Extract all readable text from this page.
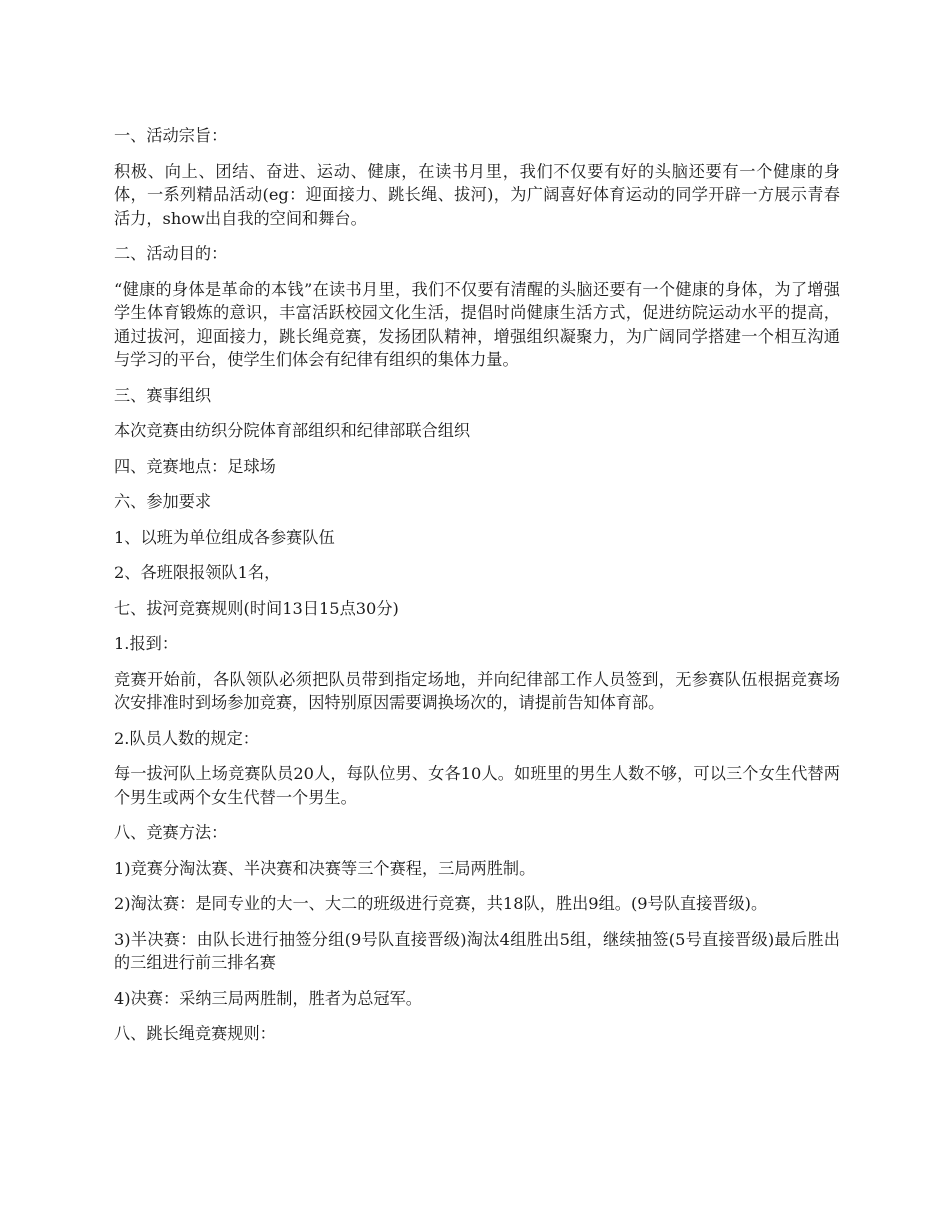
一、活动宗旨：

积极、向上、团结、奋进、运动、健康，在读书月里，我们不仅要有好的头脑还要有一个健康的身体，一系列精品活动(eg：迎面接力、跳长绳、拔河)，为广阔喜好体育运动的同学开辟一方展示青春活力，show出自我的空间和舞台。

二、活动目的：

“健康的身体是革命的本钱”在读书月里，我们不仅要有清醒的头脑还要有一个健康的身体，为了增强学生体育锻炼的意识，丰富活跃校园文化生活，提倡时尚健康生活方式，促进纺院运动水平的提高，通过拔河，迎面接力，跳长绳竞赛，发扬团队精神，增强组织凝聚力，为广阔同学搭建一个相互沟通与学习的平台，使学生们体会有纪律有组织的集体力量。

三、赛事组织

本次竞赛由纺织分院体育部组织和纪律部联合组织

四、竞赛地点：足球场

六、参加要求

1、以班为单位组成各参赛队伍

2、各班限报领队1名，

七、拔河竞赛规则(时间13日15点30分)

1.报到：

竞赛开始前，各队领队必须把队员带到指定场地，并向纪律部工作人员签到，无参赛队伍根据竞赛场次安排准时到场参加竞赛，因特别原因需要调换场次的，请提前告知体育部。

2.队员人数的规定：

每一拔河队上场竞赛队员20人，每队位男、女各10人。如班里的男生人数不够，可以三个女生代替两个男生或两个女生代替一个男生。

八、竞赛方法：

1)竞赛分淘汰赛、半决赛和决赛等三个赛程，三局两胜制。

2)淘汰赛：是同专业的大一、大二的班级进行竞赛，共18队，胜出9组。(9号队直接晋级)。

3)半决赛：由队长进行抽签分组(9号队直接晋级)淘汰4组胜出5组，继续抽签(5号直接晋级)最后胜出的三组进行前三排名赛

4)决赛：采纳三局两胜制，胜者为总冠军。

八、跳长绳竞赛规则：
